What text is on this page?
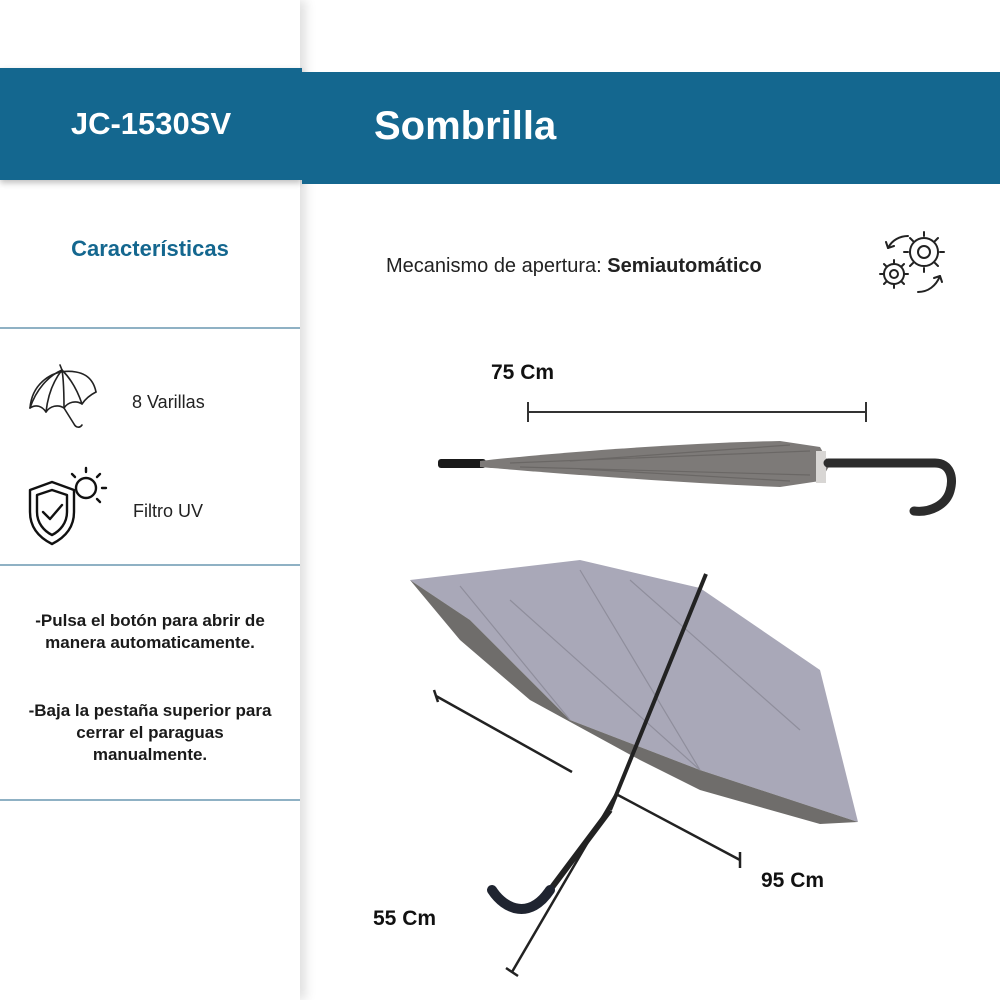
JC-1530SV	Sombrilla
Características
8 Varillas
Filtro UV
-Pulsa el botón para abrir de manera automaticamente.
-Baja la pestaña superior para cerrar el paraguas manualmente.
Mecanismo de apertura: Semiautomático
75 Cm
95 Cm
55 Cm
